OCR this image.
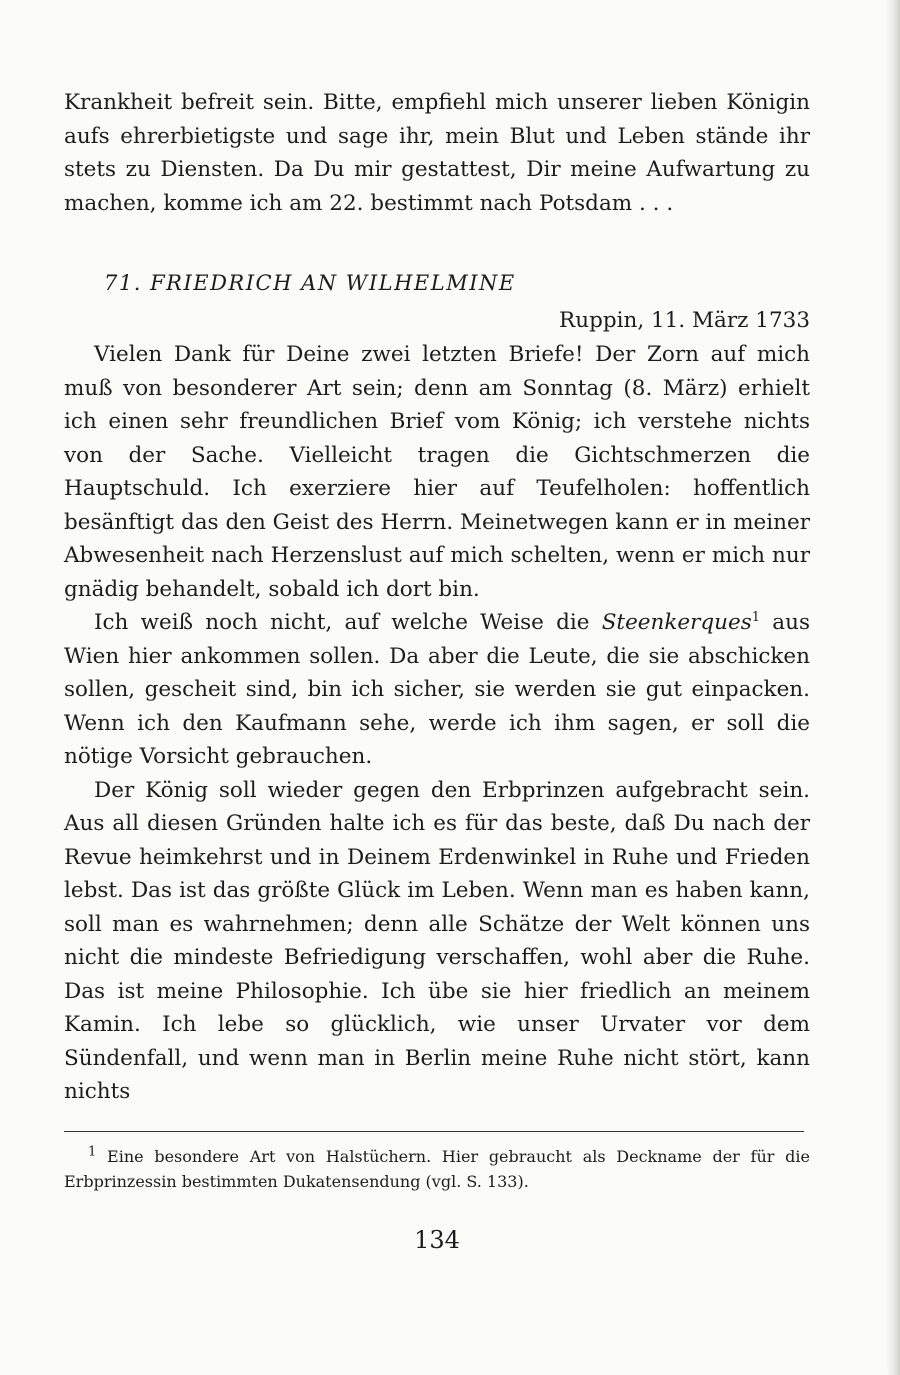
Krankheit befreit sein. Bitte, empfiehl mich unserer lieben Königin aufs ehrerbietigste und sage ihr, mein Blut und Leben stände ihr stets zu Diensten. Da Du mir gestattest, Dir meine Aufwartung zu machen, komme ich am 22. bestimmt nach Potsdam . . .

71. FRIEDRICH AN WILHELMINE
Ruppin, 11. März 1733

Vielen Dank für Deine zwei letzten Briefe! Der Zorn auf mich muß von besonderer Art sein; denn am Sonntag (8. März) erhielt ich einen sehr freundlichen Brief vom König; ich verstehe nichts von der Sache. Vielleicht tragen die Gichtschmerzen die Hauptschuld. Ich exerziere hier auf Teufelholen: hoffentlich besänftigt das den Geist des Herrn. Meinetwegen kann er in meiner Abwesenheit nach Herzenslust auf mich schelten, wenn er mich nur gnädig behandelt, sobald ich dort bin.

Ich weiß noch nicht, auf welche Weise die Steenkerques$^1$ aus Wien hier ankommen sollen. Da aber die Leute, die sie abschicken sollen, gescheit sind, bin ich sicher, sie werden sie gut einpacken. Wenn ich den Kaufmann sehe, werde ich ihm sagen, er soll die nötige Vorsicht gebrauchen.

Der König soll wieder gegen den Erbprinzen aufgebracht sein. Aus all diesen Gründen halte ich es für das beste, daß Du nach der Revue heimkehrst und in Deinem Erdenwinkel in Ruhe und Frieden lebst. Das ist das größte Glück im Leben. Wenn man es haben kann, soll man es wahrnehmen; denn alle Schätze der Welt können uns nicht die mindeste Befriedigung verschaffen, wohl aber die Ruhe. Das ist meine Philosophie. Ich übe sie hier friedlich an meinem Kamin. Ich lebe so glücklich, wie unser Urvater vor dem Sündenfall, und wenn man in Berlin meine Ruhe nicht stört, kann nichts

$^1$ Eine besondere Art von Halstüchern. Hier gebraucht als Deckname der für die Erbprinzessin bestimmten Dukatensendung (vgl. S. 133).

134
